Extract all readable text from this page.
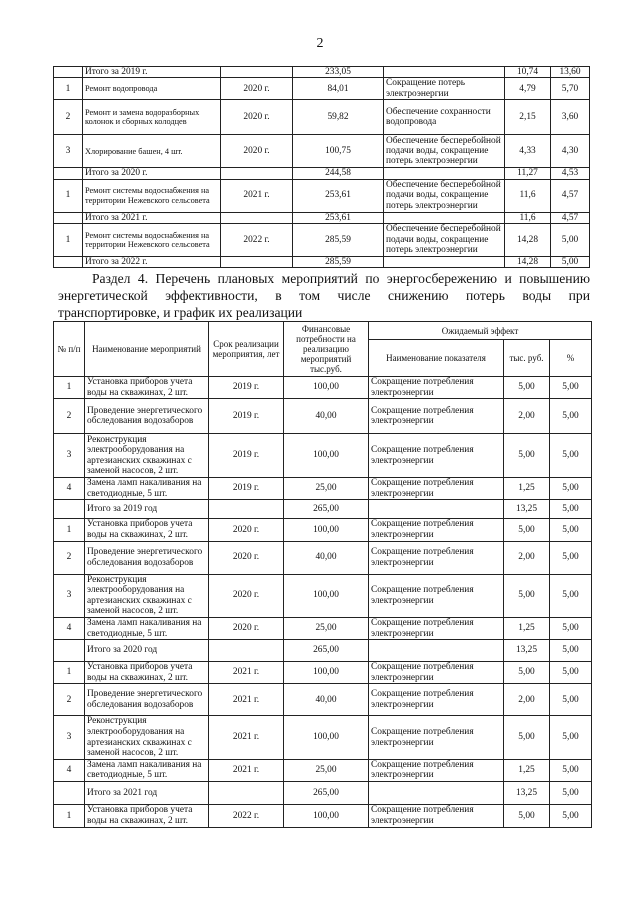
2
	Итого за 2019 г.		233,05		10,74	13,60
1	Ремонт водопровода	2020 г.	84,01	Сокращение потерь электроэнергии	4,79	5,70
2	Ремонт и замена водоразборных колонок и сборных колодцев	2020 г.	59,82	Обеспечение сохранности водопровода	2,15	3,60
3	Хлорирование башен, 4 шт.	2020 г.	100,75	Обеспечение бесперебойной подачи воды, сокращение потерь электроэнергии	4,33	4,30
	Итого за 2020 г.		244,58		11,27	4,53
1	Ремонт системы водоснабжения на территории Нежевского сельсовета	2021 г.	253,61	Обеспечение бесперебойной подачи воды, сокращение потерь электроэнергии	11,6	4,57
	Итого за 2021 г.		253,61		11,6	4,57
1	Ремонт системы водоснабжения на территории Нежевского сельсовета	2022 г.	285,59	Обеспечение бесперебойной подачи воды, сокращение потерь электроэнергии	14,28	5,00
	Итого за 2022 г.		285,59		14,28	5,00
Раздел 4. Перечень плановых мероприятий по энергосбережению и повышению
энергетической эффективности, в том числе снижению потерь воды при
транспортировке, и график их реализации
№ п/п	Наименование мероприятий	Срок реализации мероприятия, лет	Финансовые потребности на реализацию мероприятий тыс.руб.	Ожидаемый эффект		
				Наименование показателя	тыс. руб.	%
1	Установка приборов учета воды на скважинах, 2 шт.	2019 г.	100,00	Сокращение потребления электроэнергии	5,00	5,00
2	Проведение энергетического обследования водозаборов	2019 г.	40,00	Сокращение потребления электроэнергии	2,00	5,00
3	Реконструкция электрооборудования на артезианских скважинах с заменой насосов, 2 шт.	2019 г.	100,00	Сокращение потребления электроэнергии	5,00	5,00
4	Замена ламп накаливания на светодиодные, 5 шт.	2019 г.	25,00	Сокращение потребления электроэнергии	1,25	5,00
	Итого за 2019 год		265,00		13,25	5,00
1	Установка приборов учета воды на скважинах, 2 шт.	2020 г.	100,00	Сокращение потребления электроэнергии	5,00	5,00
2	Проведение энергетического обследования водозаборов	2020 г.	40,00	Сокращение потребления электроэнергии	2,00	5,00
3	Реконструкция электрооборудования на артезианских скважинах с заменой насосов, 2 шт.	2020 г.	100,00	Сокращение потребления электроэнергии	5,00	5,00
4	Замена ламп накаливания на светодиодные, 5 шт.	2020 г.	25,00	Сокращение потребления электроэнергии	1,25	5,00
	Итого за 2020 год		265,00		13,25	5,00
1	Установка приборов учета воды на скважинах, 2 шт.	2021 г.	100,00	Сокращение потребления электроэнергии	5,00	5,00
2	Проведение энергетического обследования водозаборов	2021 г.	40,00	Сокращение потребления электроэнергии	2,00	5,00
3	Реконструкция электрооборудования на артезианских скважинах с заменой насосов, 2 шт.	2021 г.	100,00	Сокращение потребления электроэнергии	5,00	5,00
4	Замена ламп накаливания на светодиодные, 5 шт.	2021 г.	25,00	Сокращение потребления электроэнергии	1,25	5,00
	Итого за 2021 год		265,00		13,25	5,00
1	Установка приборов учета воды на скважинах, 2 шт.	2022 г.	100,00	Сокращение потребления электроэнергии	5,00	5,00
